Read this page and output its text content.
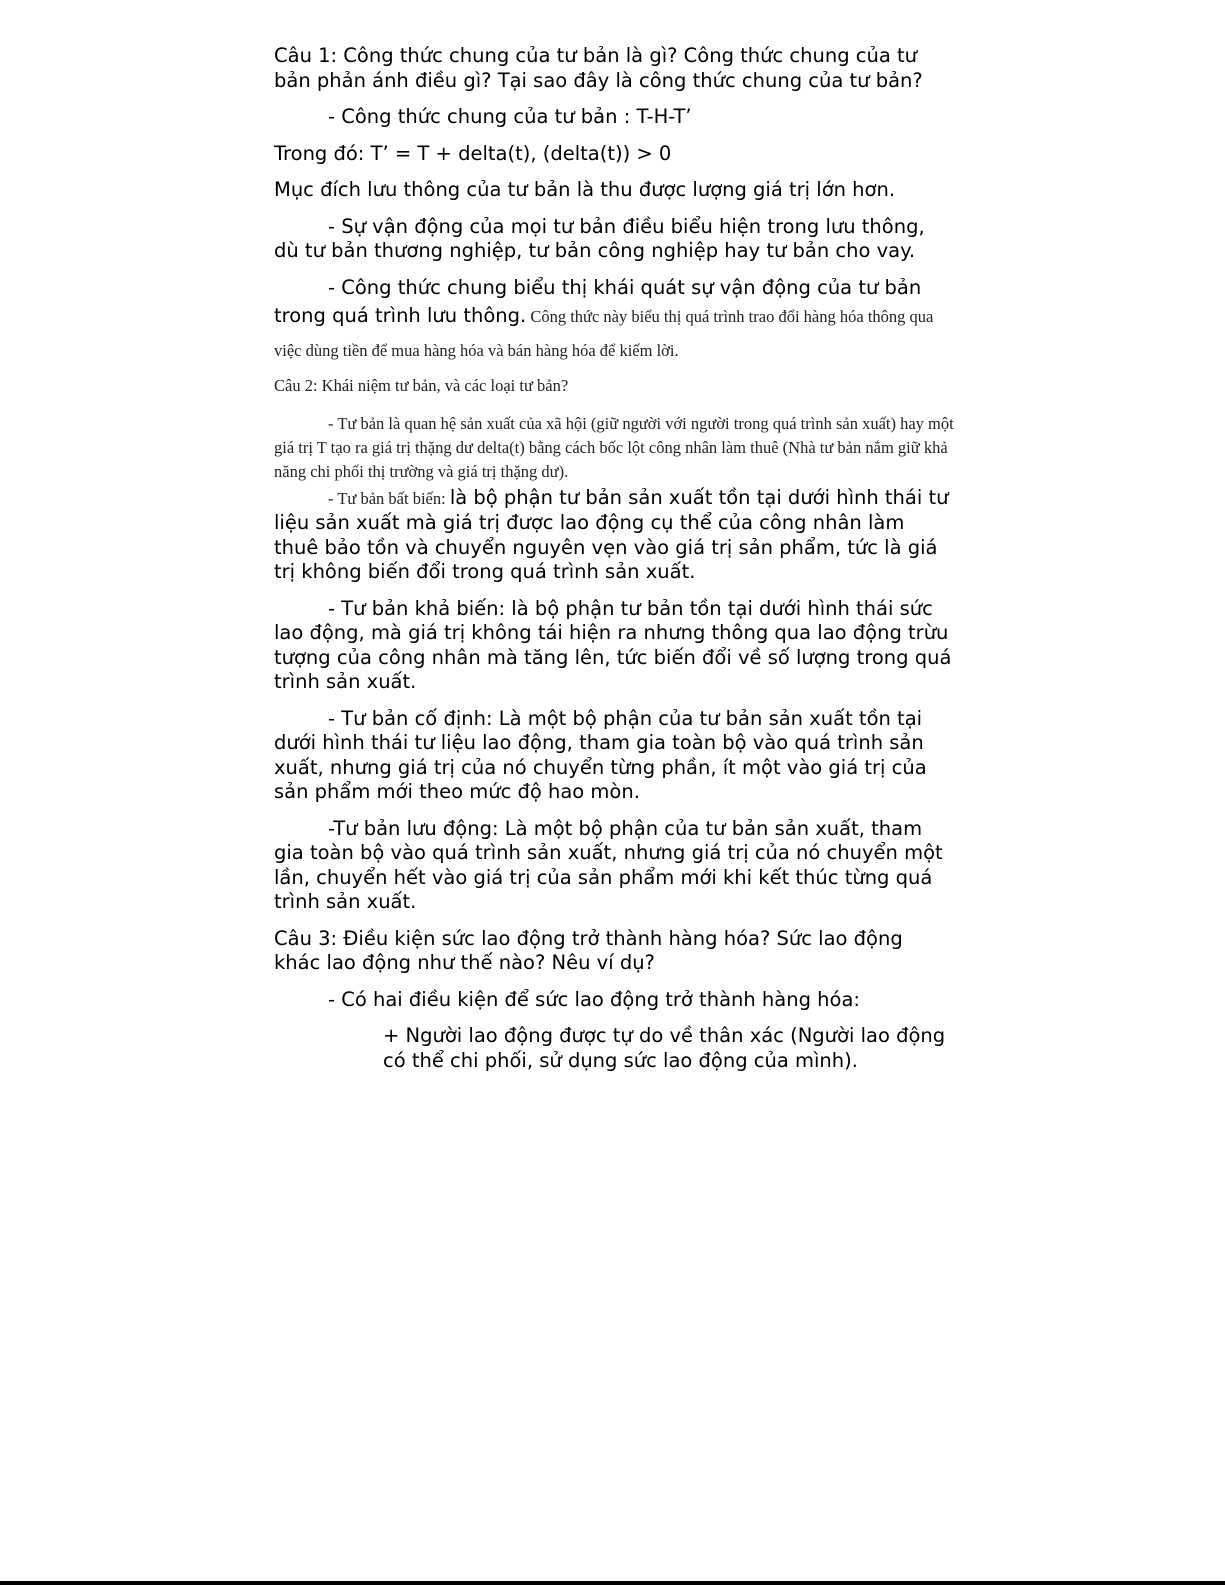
Câu 1: Công thức chung của tư bản là gì? Công thức chung của tư bản phản ánh điều gì? Tại sao đây là công thức chung của tư bản?

- Công thức chung của tư bản : T-H-T’

Trong đó: T’ = T + delta(t), (delta(t)) > 0

Mục đích lưu thông của tư bản là thu được lượng giá trị lớn hơn.

- Sự vận động của mọi tư bản điều biểu hiện trong lưu thông, dù tư bản thương nghiệp, tư bản công nghiệp hay tư bản cho vay.

- Công thức chung biểu thị khái quát sự vận động của tư bản trong quá trình lưu thông. Công thức này biểu thị quá trình trao đổi hàng hóa thông qua việc dùng tiền để mua hàng hóa và bán hàng hóa để kiếm lời.

Câu 2: Khái niệm tư bản, và các loại tư bản?

- Tư bản là quan hệ sản xuất của xã hội (giữ người với người trong quá trình sản xuất) hay một giá trị T tạo ra giá trị thặng dư delta(t) bằng cách bốc lột công nhân làm thuê (Nhà tư bản nắm giữ khả năng chi phối thị trường và giá trị thặng dư).

- Tư bản bất biến: là bộ phận tư bản sản xuất tồn tại dưới hình thái tư liệu sản xuất mà giá trị được lao động cụ thể của công nhân làm thuê bảo tồn và chuyển nguyên vẹn vào giá trị sản phẩm, tức là giá trị không biến đổi trong quá trình sản xuất.

- Tư bản khả biến: là bộ phận tư bản tồn tại dưới hình thái sức lao động, mà giá trị không tái hiện ra nhưng thông qua lao động trừu tượng của công nhân mà tăng lên, tức biến đổi về số lượng trong quá trình sản xuất.

- Tư bản cố định: Là một bộ phận của tư bản sản xuất tồn tại dưới hình thái tư liệu lao động, tham gia toàn bộ vào quá trình sản xuất, nhưng giá trị của nó chuyển từng phần, ít một vào giá trị của sản phẩm mới theo mức độ hao mòn.

-Tư bản lưu động: Là một bộ phận của tư bản sản xuất, tham gia toàn bộ vào quá trình sản xuất, nhưng giá trị của nó chuyển một lần, chuyển hết vào giá trị của sản phẩm mới khi kết thúc từng quá trình sản xuất.

Câu 3: Điều kiện sức lao động trở thành hàng hóa? Sức lao động khác lao động như thế nào? Nêu ví dụ?

- Có hai điều kiện để sức lao động trở thành hàng hóa:

+ Người lao động được tự do về thân xác (Người lao động có thể chi phối, sử dụng sức lao động của mình).
